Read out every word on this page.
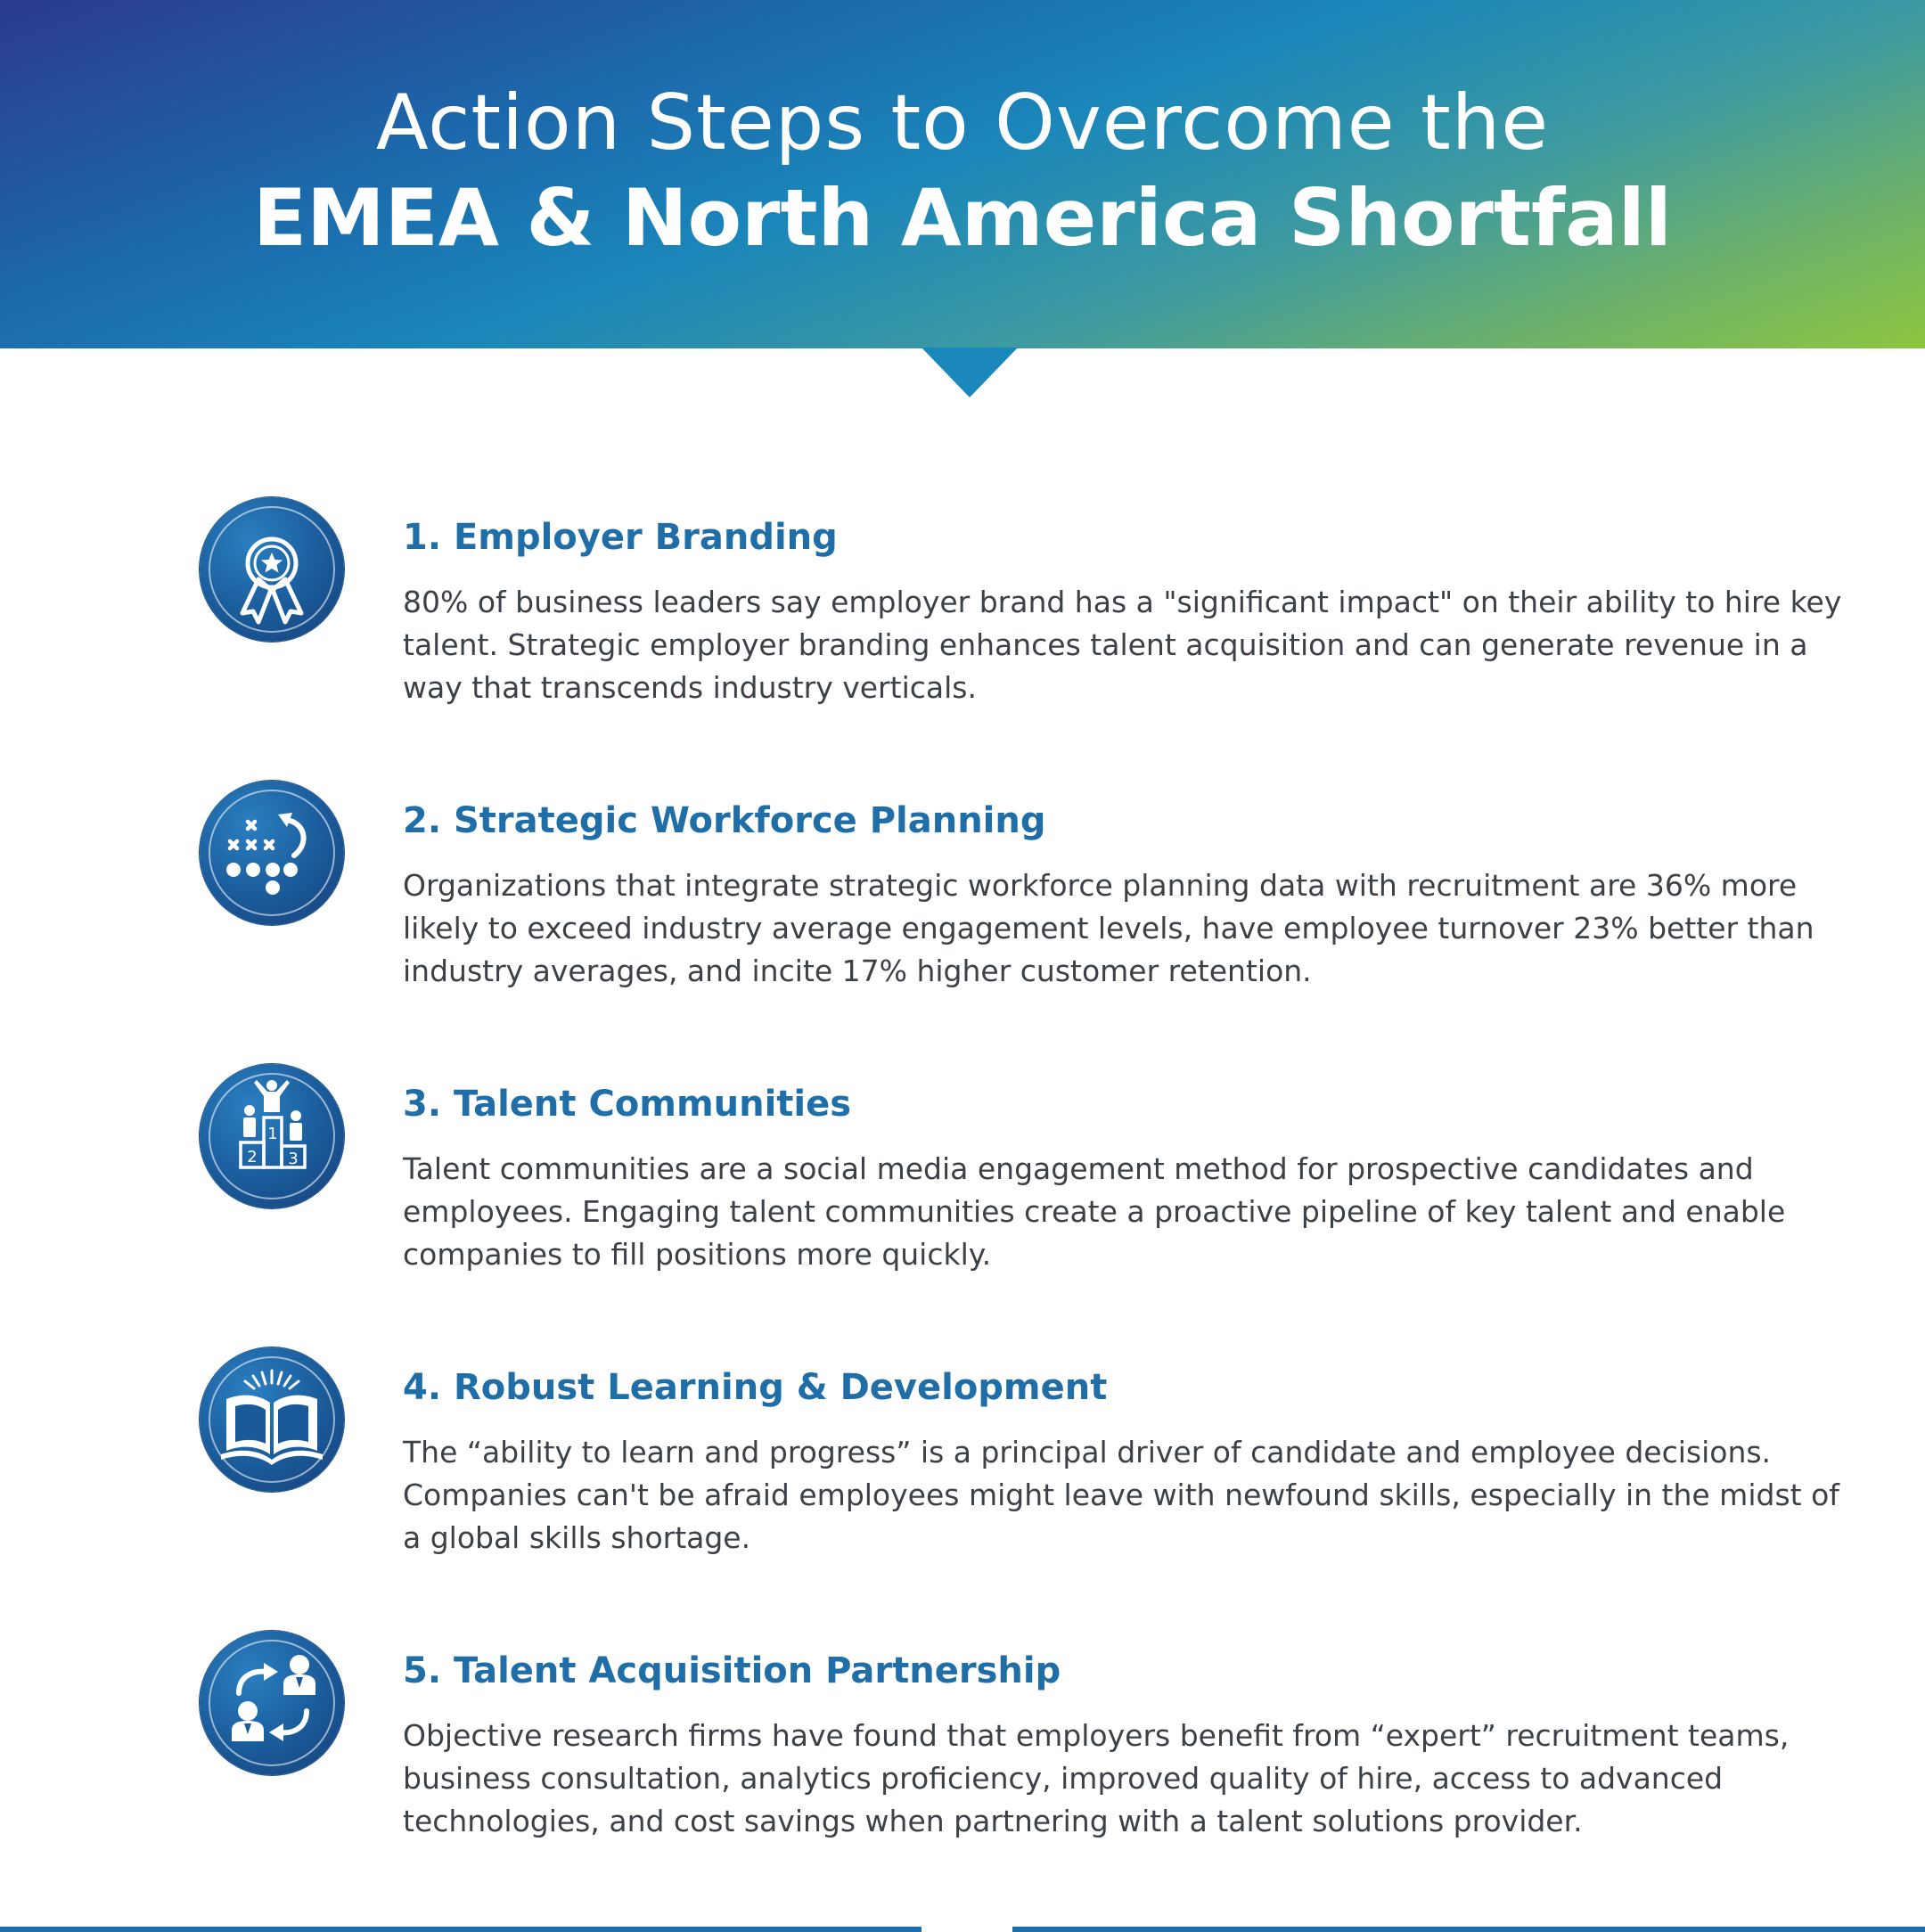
Action Steps to Overcome the
EMEA & North America Shortfall
1. Employer Branding
80% of business leaders say employer brand has a "significant impact" on their ability to hire key talent. Strategic employer branding enhances talent acquisition and can generate revenue in a way that transcends industry verticals.
2. Strategic Workforce Planning
Organizations that integrate strategic workforce planning data with recruitment are 36% more likely to exceed industry average engagement levels, have employee turnover 23% better than industry averages, and incite 17% higher customer retention.
1
2 3
3. Talent Communities
Talent communities are a social media engagement method for prospective candidates and employees. Engaging talent communities create a proactive pipeline of key talent and enable companies to fill positions more quickly.
4. Robust Learning & Development
The “ability to learn and progress” is a principal driver of candidate and employee decisions. Companies can't be afraid employees might leave with newfound skills, especially in the midst of a global skills shortage.
5. Talent Acquisition Partnership
Objective research firms have found that employers benefit from “expert” recruitment teams, business consultation, analytics proficiency, improved quality of hire, access to advanced technologies, and cost savings when partnering with a talent solutions provider.
